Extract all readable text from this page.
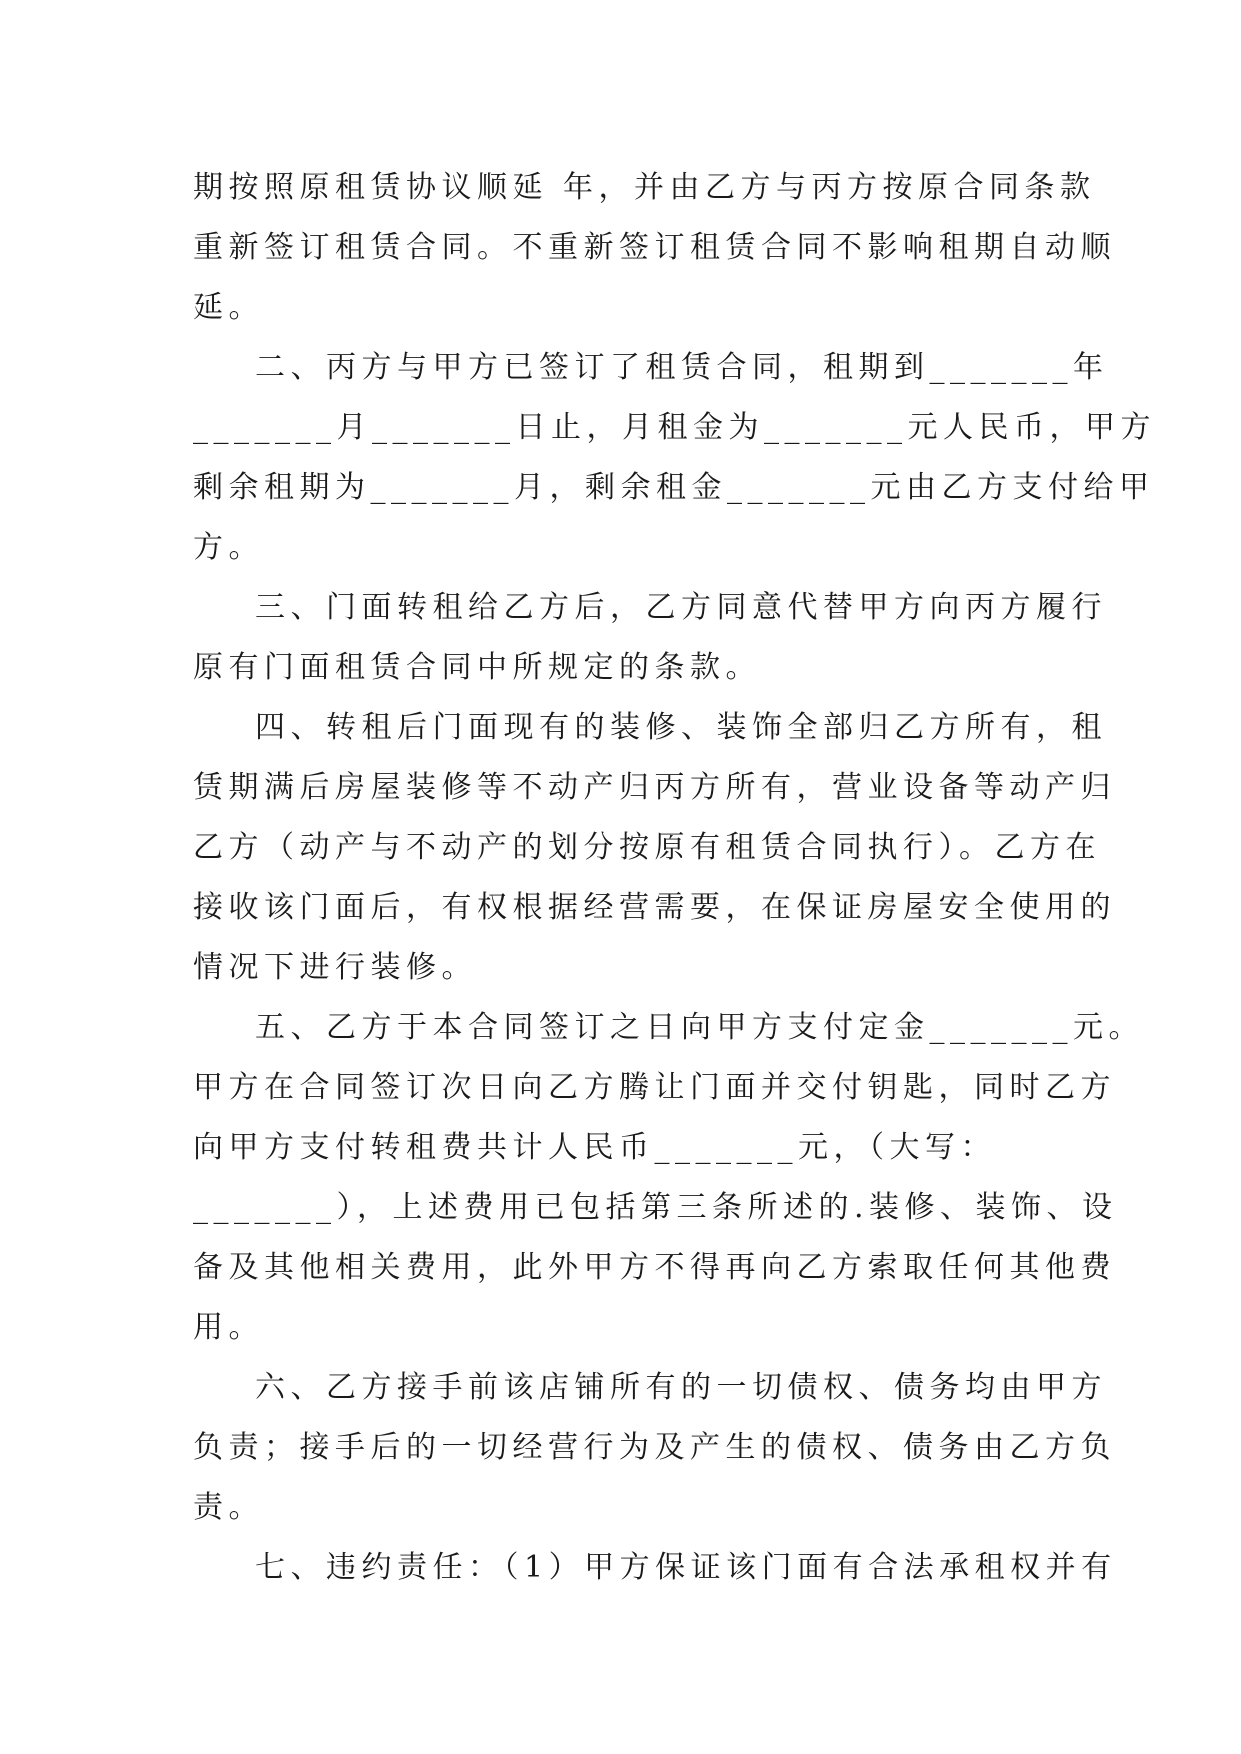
期按照原租赁协议顺延 年，并由乙方与丙方按原合同条款
重新签订租赁合同。不重新签订租赁合同不影响租期自动顺
延。
二、丙方与甲方已签订了租赁合同，租期到_______年
_______月_______日止，月租金为_______元人民币，甲方
剩余租期为_______月，剩余租金_______元由乙方支付给甲
方。
三、门面转租给乙方后，乙方同意代替甲方向丙方履行
原有门面租赁合同中所规定的条款。
四、转租后门面现有的装修、装饰全部归乙方所有，租
赁期满后房屋装修等不动产归丙方所有，营业设备等动产归
乙方（动产与不动产的划分按原有租赁合同执行）。乙方在
接收该门面后，有权根据经营需要，在保证房屋安全使用的
情况下进行装修。
五、乙方于本合同签订之日向甲方支付定金_______元。
甲方在合同签订次日向乙方腾让门面并交付钥匙，同时乙方
向甲方支付转租费共计人民币_______元，（大写：
_______），上述费用已包括第三条所述的.装修、装饰、设
备及其他相关费用，此外甲方不得再向乙方索取任何其他费
用。
六、乙方接手前该店铺所有的一切债权、债务均由甲方
负责；接手后的一切经营行为及产生的债权、债务由乙方负
责。
七、违约责任：（1）甲方保证该门面有合法承租权并有
